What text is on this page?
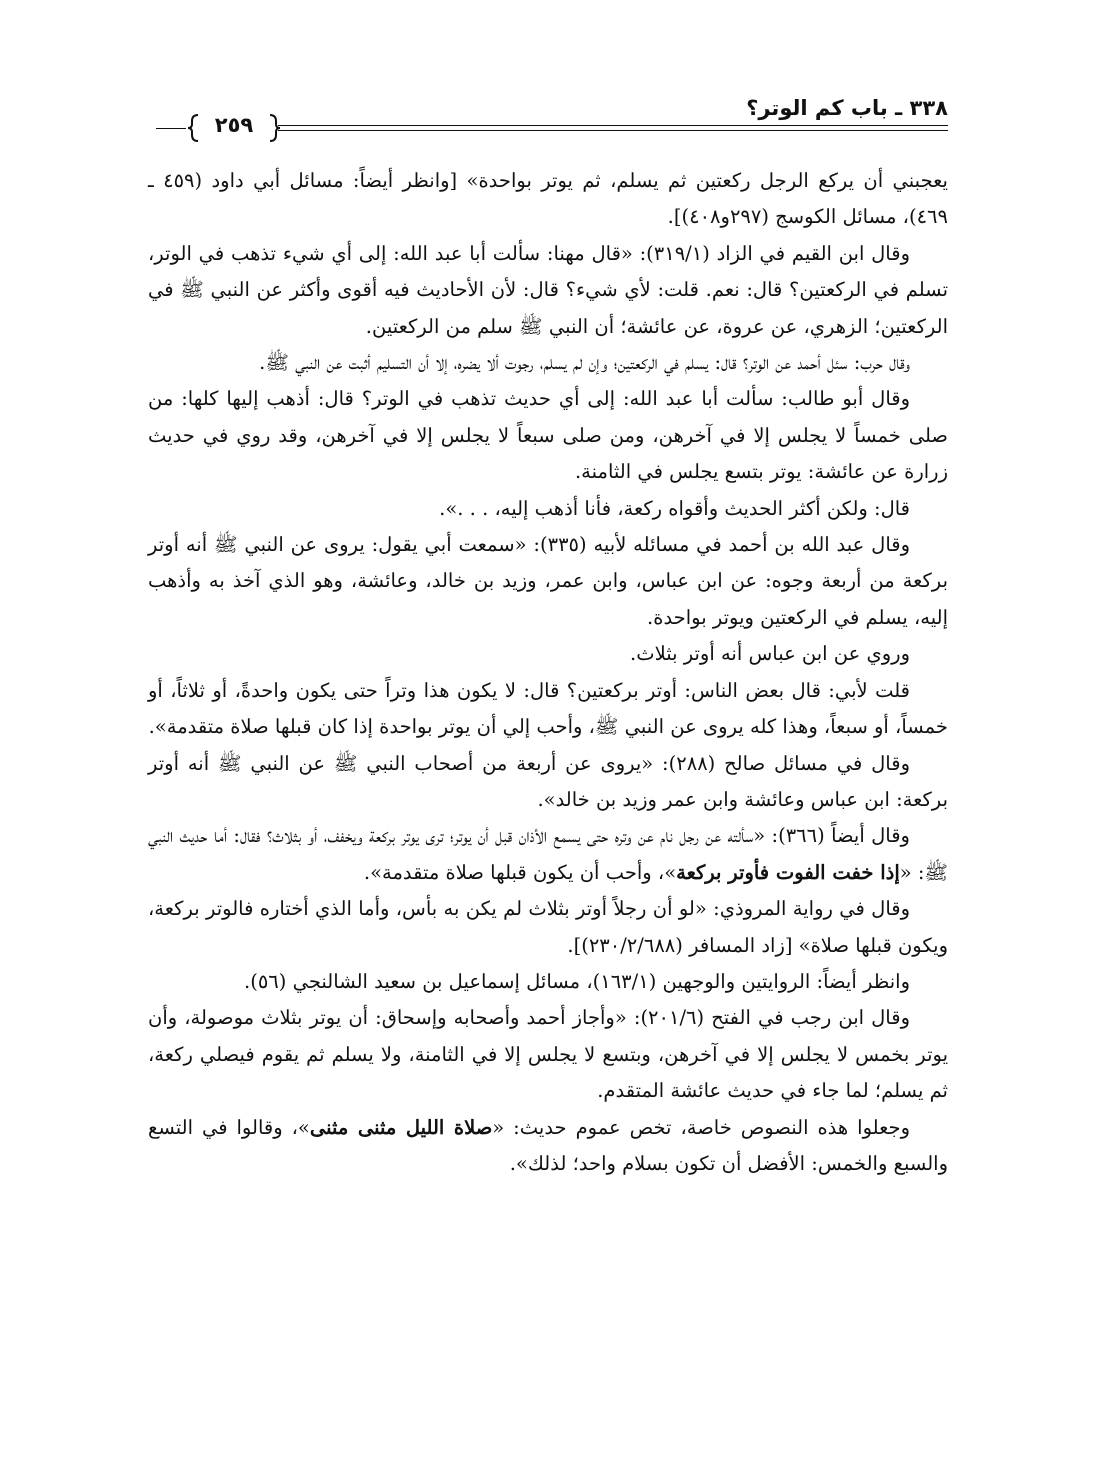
٣٣٨ ـ باب كم الوتر؟
٢٥٩

يعجبني أن يركع الرجل ركعتين ثم يسلم، ثم يوتر بواحدة» [وانظر أيضاً: مسائل أبي داود (٤٥٩ ـ ٤٦٩)، مسائل الكوسج (٢٩٧و٤٠٨)].

وقال ابن القيم في الزاد (٣١٩/١): «قال مهنا: سألت أبا عبد الله: إلى أي شيء تذهب في الوتر، تسلم في الركعتين؟ قال: نعم. قلت: لأي شيء؟ قال: لأن الأحاديث فيه أقوى وأكثر عن النبي ﷺ في الركعتين؛ الزهري، عن عروة، عن عائشة؛ أن النبي ﷺ سلم من الركعتين.

وقال حرب: سئل أحمد عن الوتر؟ قال: يسلم في الركعتين؛ وإن لم يسلم، رجوت ألا يضره، إلا أن التسليم أثبت عن النبي ﷺ.

وقال أبو طالب: سألت أبا عبد الله: إلى أي حديث تذهب في الوتر؟ قال: أذهب إليها كلها: من صلى خمساً لا يجلس إلا في آخرهن، ومن صلى سبعاً لا يجلس إلا في آخرهن، وقد روي في حديث زرارة عن عائشة: يوتر بتسع يجلس في الثامنة.

قال: ولكن أكثر الحديث وأقواه ركعة، فأنا أذهب إليه، . . .».

وقال عبد الله بن أحمد في مسائله لأبيه (٣٣٥): «سمعت أبي يقول: يروى عن النبي ﷺ أنه أوتر بركعة من أربعة وجوه: عن ابن عباس، وابن عمر، وزيد بن خالد، وعائشة، وهو الذي آخذ به وأذهب إليه، يسلم في الركعتين ويوتر بواحدة.

وروي عن ابن عباس أنه أوتر بثلاث.

قلت لأبي: قال بعض الناس: أوتر بركعتين؟ قال: لا يكون هذا وتراً حتى يكون واحدةً، أو ثلاثاً، أو خمساً، أو سبعاً، وهذا كله يروى عن النبي ﷺ، وأحب إلي أن يوتر بواحدة إذا كان قبلها صلاة متقدمة».

وقال في مسائل صالح (٢٨٨): «يروى عن أربعة من أصحاب النبي ﷺ عن النبي ﷺ أنه أوتر بركعة: ابن عباس وعائشة وابن عمر وزيد بن خالد».

وقال أيضاً (٣٦٦): «سألته عن رجل نام عن وتره حتى يسمع الأذان قبل أن يوتر؛ ترى يوتر بركعة ويخفف، أو بثلاث؟ فقال: أما حديث النبي ﷺ: «إذا خفت الفوت فأوتر بركعة»، وأحب أن يكون قبلها صلاة متقدمة».

وقال في رواية المروذي: «لو أن رجلاً أوتر بثلاث لم يكن به بأس، وأما الذي أختاره فالوتر بركعة، ويكون قبلها صلاة» [زاد المسافر (٢٣٠/٢/٦٨٨)].

وانظر أيضاً: الروايتين والوجهين (١٦٣/١)، مسائل إسماعيل بن سعيد الشالنجي (٥٦).

وقال ابن رجب في الفتح (٢٠١/٦): «وأجاز أحمد وأصحابه وإسحاق: أن يوتر بثلاث موصولة، وأن يوتر بخمس لا يجلس إلا في آخرهن، وبتسع لا يجلس إلا في الثامنة، ولا يسلم ثم يقوم فيصلي ركعة، ثم يسلم؛ لما جاء في حديث عائشة المتقدم.

وجعلوا هذه النصوص خاصة، تخص عموم حديث: «صلاة الليل مثنى مثنى»، وقالوا في التسع والسبع والخمس: الأفضل أن تكون بسلام واحد؛ لذلك».
